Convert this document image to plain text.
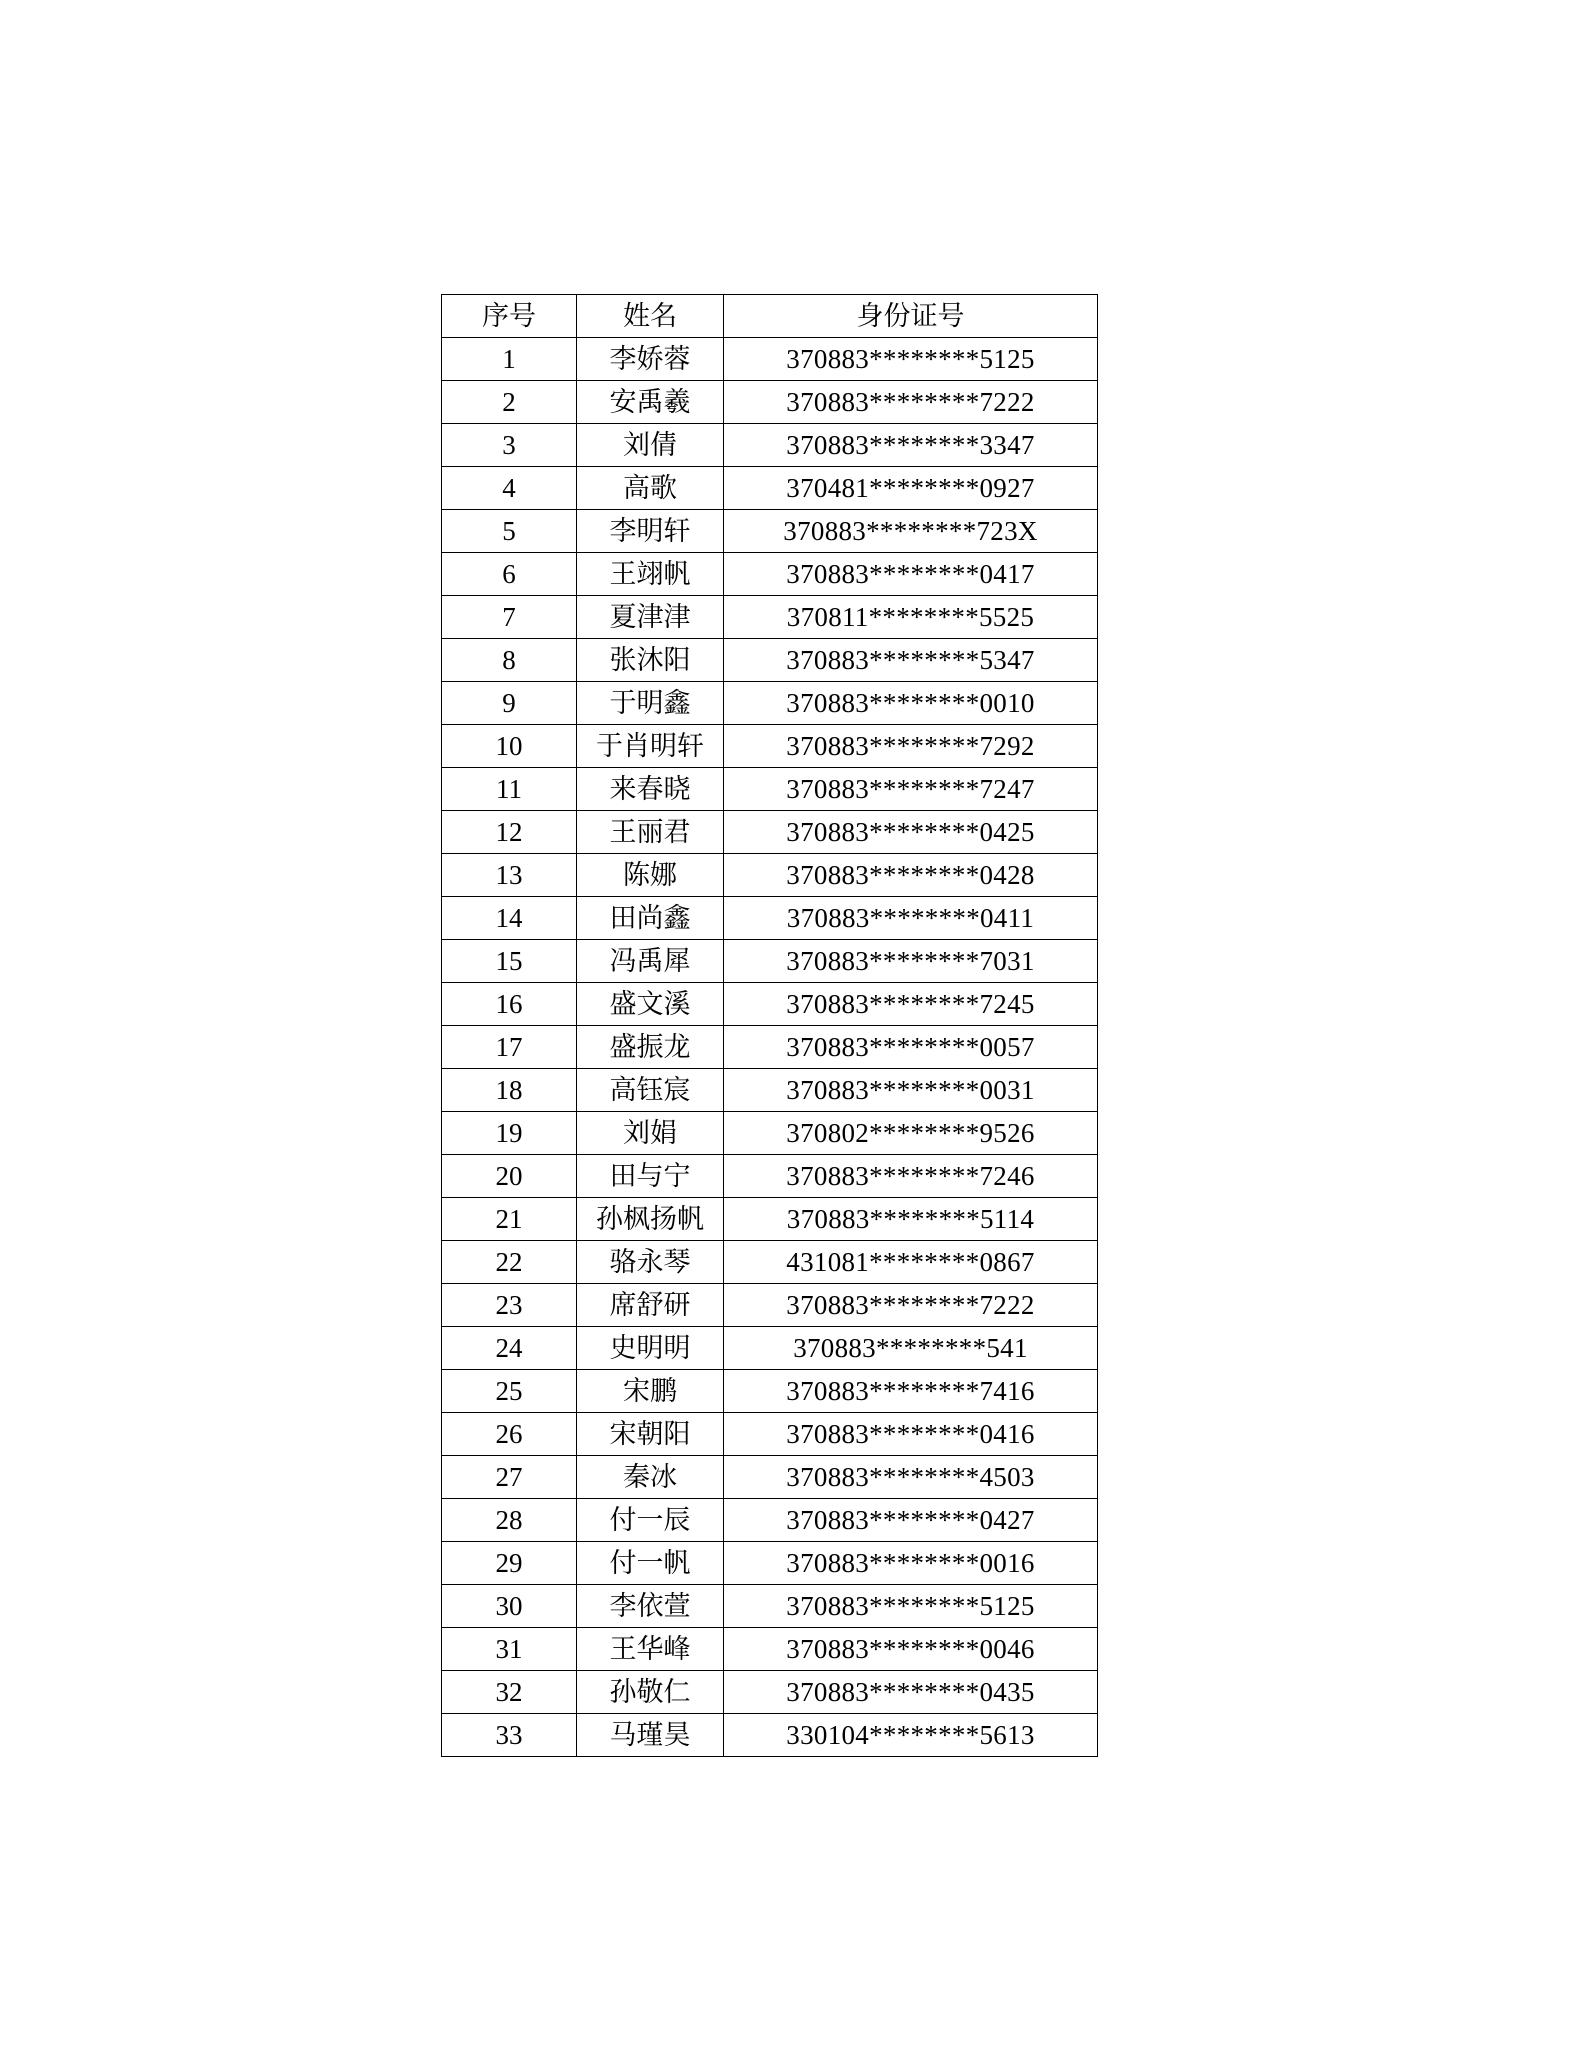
序号	姓名	身份证号
1	李娇蓉	370883********5125
2	安禹羲	370883********7222
3	刘倩	370883********3347
4	高歌	370481********0927
5	李明轩	370883********723X
6	王翊帆	370883********0417
7	夏津津	370811********5525
8	张沐阳	370883********5347
9	于明鑫	370883********0010
10	于肖明轩	370883********7292
11	来春晓	370883********7247
12	王丽君	370883********0425
13	陈娜	370883********0428
14	田尚鑫	370883********0411
15	冯禹犀	370883********7031
16	盛文溪	370883********7245
17	盛振龙	370883********0057
18	高钰宸	370883********0031
19	刘娟	370802********9526
20	田与宁	370883********7246
21	孙枫扬帆	370883********5114
22	骆永琴	431081********0867
23	席舒研	370883********7222
24	史明明	370883********541
25	宋鹏	370883********7416
26	宋朝阳	370883********0416
27	秦冰	370883********4503
28	付一辰	370883********0427
29	付一帆	370883********0016
30	李依萱	370883********5125
31	王华峰	370883********0046
32	孙敬仁	370883********0435
33	马瑾昊	330104********5613
